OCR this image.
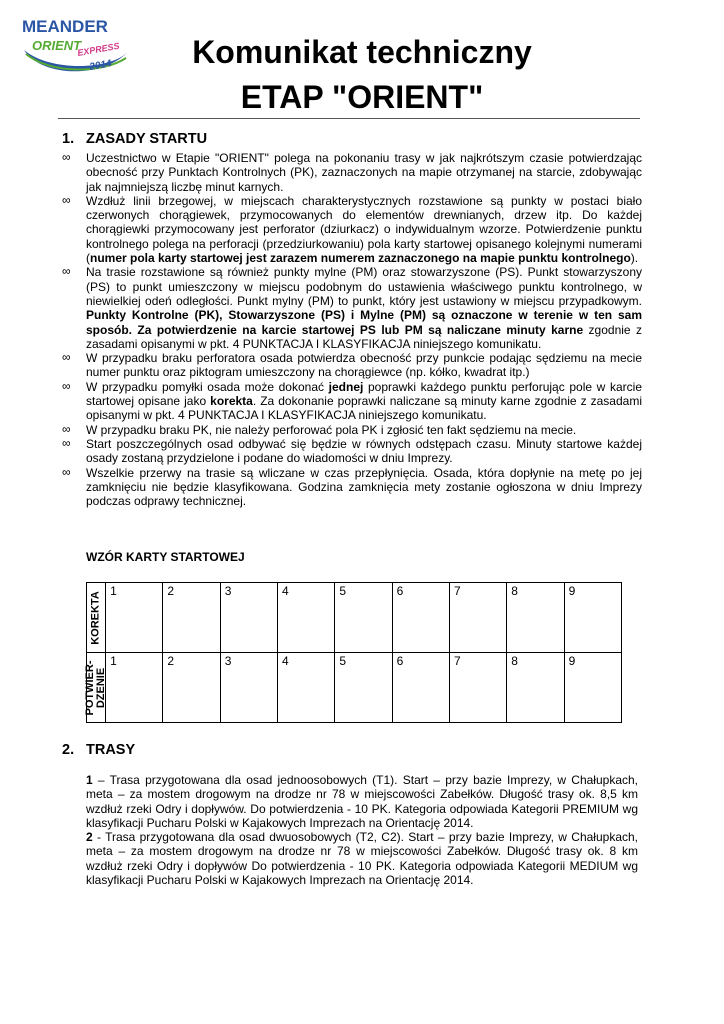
MEANDER
ORIENT
EXPRESS
2014	Komunikat techniczny
ETAP "ORIENT"
1. ZASADY STARTU
∞ Uczestnictwo w Etapie "ORIENT" polega na pokonaniu trasy w jak najkrótszym czasie potwierdzając obecność przy Punktach Kontrolnych (PK), zaznaczonych na mapie otrzymanej na starcie, zdobywając jak najmniejszą liczbę minut karnych.
∞ Wzdłuż linii brzegowej, w miejscach charakterystycznych rozstawione są punkty w postaci biało czerwonych chorągiewek, przymocowanych do elementów drewnianych, drzew itp. Do każdej chorągiewki przymocowany jest perforator (dziurkacz) o indywidualnym wzorze. Potwierdzenie punktu kontrolnego polega na perforacji (przedziurkowaniu) pola karty startowej opisanego kolejnymi numerami (numer pola karty startowej jest zarazem numerem zaznaczonego na mapie punktu kontrolnego).
∞ Na trasie rozstawione są również punkty mylne (PM) oraz stowarzyszone (PS). Punkt stowarzyszony (PS) to punkt umieszczony w miejscu podobnym do ustawienia właściwego punktu kontrolnego, w niewielkiej odeń odległości. Punkt mylny (PM) to punkt, który jest ustawiony w miejscu przypadkowym. Punkty Kontrolne (PK), Stowarzyszone (PS) i Mylne (PM) są oznaczone w terenie w ten sam sposób. Za potwierdzenie na karcie startowej PS lub PM są naliczane minuty karne zgodnie z zasadami opisanymi w pkt. 4 PUNKTACJA I KLASYFIKACJA niniejszego komunikatu.
∞ W przypadku braku perforatora osada potwierdza obecność przy punkcie podając sędziemu na mecie numer punktu oraz piktogram umieszczony na chorągiewce (np. kółko, kwadrat itp.)
∞ W przypadku pomyłki osada może dokonać jednej poprawki każdego punktu perforując pole w karcie startowej opisane jako korekta. Za dokonanie poprawki naliczane są minuty karne zgodnie z zasadami opisanymi w pkt. 4 PUNKTACJA I KLASYFIKACJA niniejszego komunikatu.
∞ W przypadku braku PK, nie należy perforować pola PK i zgłosić ten fakt sędziemu na mecie.
∞ Start poszczególnych osad odbywać się będzie w równych odstępach czasu. Minuty startowe każdej osady zostaną przydzielone i podane do wiadomości w dniu Imprezy.
∞ Wszelkie przerwy na trasie są wliczane w czas przepłynięcia. Osada, która dopłynie na metę po jej zamknięciu nie będzie klasyfikowana. Godzina zamknięcia mety zostanie ogłoszona w dniu Imprezy podczas odprawy technicznej.
WZÓR KARTY STARTOWEJ
KOREKTA	1	2	3	4	5	6	7	8	9

POTWIER-
DZENIE	1	2	3	4	5	6	7	8	9
2. TRASY

1 – Trasa przygotowana dla osad jednoosobowych (T1). Start – przy bazie Imprezy, w Chałupkach, meta – za mostem drogowym na drodze nr 78 w miejscowości Zabełków. Długość trasy ok. 8,5 km wzdłuż rzeki Odry i dopływów. Do potwierdzenia - 10 PK. Kategoria odpowiada Kategorii PREMIUM wg klasyfikacji Pucharu Polski w Kajakowych Imprezach na Orientację 2014.

2 - Trasa przygotowana dla osad dwuosobowych (T2, C2). Start – przy bazie Imprezy, w Chałupkach, meta – za mostem drogowym na drodze nr 78 w miejscowości Zabełków. Długość trasy ok. 8 km wzdłuż rzeki Odry i dopływów Do potwierdzenia - 10 PK. Kategoria odpowiada Kategorii MEDIUM wg klasyfikacji Pucharu Polski w Kajakowych Imprezach na Orientację 2014.
